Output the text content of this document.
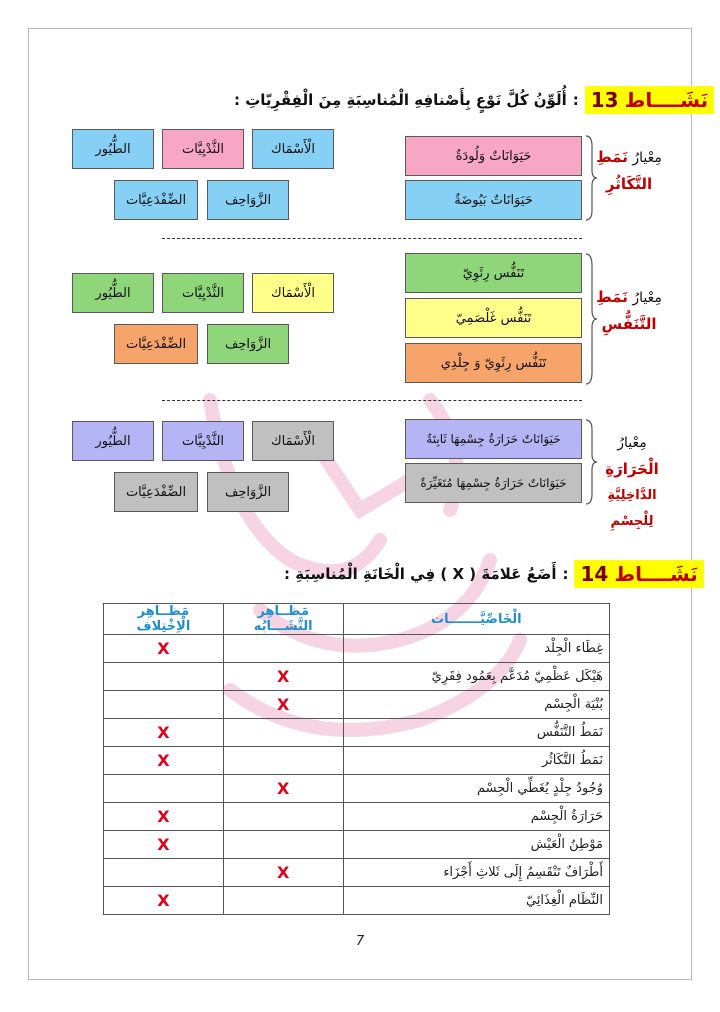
نَشَــــاط
13
:
أُلَوِّنُ كُلَّ نَوْعٍ بِأَصْنافِهِ الْمُناسِبَةِ مِنَ الْفِقْرِيّاتِ :
مِعْيارُ نَمَطِ
التَّكَاثُرِ
حَيَوَانَاتٌ وَلُودَةٌ
حَيَوَانَاتٌ بَيُوضَةٌ
الْأَسْمَاك
الثَّدْيِيَّات
الطُّيُور
الزَّوَاحِف
الضِّفْدَعِيَّات
مِعْيارُ نَمَطِ
التَّنَفُّسِ
تَنَفُّس رِئَوِيّ
تَنَفُّس غَلْصَمِيّ
تَنَفُّس رِئَوِيّ وَ جِلْدِي
الْأَسْمَاك
الثَّدْيِيَّات
الطُّيُور
الزَّوَاحِف
الضِّفْدَعِيَّات
مِعْيارُ الْحَرَارَةِ
الدَّاخِلِيَّةِ لِلْجِسْمِ
حَيَوَانَاتٌ حَرَارَةُ جِسْمِهَا ثَابِتَةٌ
حَيَوَانَاتٌ حَرَارَةُ جِسْمِهَا مُتَغَيِّرَةٌ
الْأَسْمَاك
الثَّدْيِيَّات
الطُّيُور
الزَّوَاحِف
الضِّفْدَعِيَّات
نَشَــــاط
14
:
أَضَعُ عَلامَةَ ( X ) فِي الْخَانَةِ الْمُناسِبَةِ :
الْخَاصِّيَّـــــــات	مَظَــاهِر التَّشَـــابُه	مَظَــاهِر الْاِخْتِلاف
غِطَاء الْجِلْد		X
هَيْكَل عَظْمِيّ مُدَعَّم بِعَمُود فِقَرِيّ	X	
بُنْيَة الْجِسْم	X	
نَمَطُ التَّنَفُّس		X
نَمَطُ التَّكَاثُر		X
وُجُودُ جِلْدٍ يُغَطِّي الْجِسْم	X	
حَرَارَةُ الْجِسْم		X
مَوْطِنُ الْعَيْش		X
أَطْرَافٌ تَنْقَسِمُ إِلَى ثَلاثِ أَجْزَاء	X	
النِّظَام الْغِذَائِيّ		X
7
